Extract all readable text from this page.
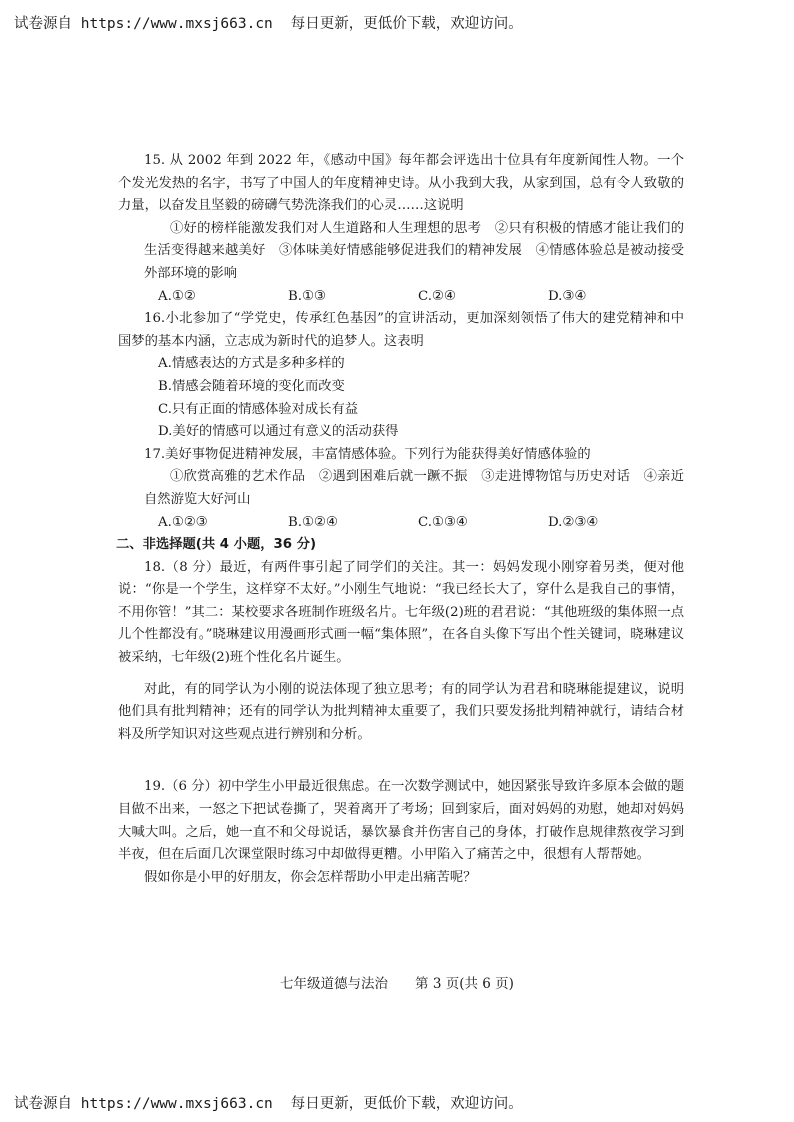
试卷源自 https://www.mxsj663.cn 每日更新，更低价下载，欢迎访问。

15. 从 2002 年到 2022 年，《感动中国》每年都会评选出十位具有年度新闻性人物。一个个发光发热的名字，书写了中国人的年度精神史诗。从小我到大我，从家到国，总有令人致敬的力量，以奋发且坚毅的磅礴气势洗涤我们的心灵……这说明

①好的榜样能激发我们对人生道路和人生理想的思考　②只有积极的情感才能让我们的生活变得越来越美好　③体味美好情感能够促进我们的精神发展　④情感体验总是被动接受外部环境的影响

A.①②	B.①③	C.②④	D.③④

16.小北参加了“学党史，传承红色基因”的宣讲活动，更加深刻领悟了伟大的建党精神和中国梦的基本内涵，立志成为新时代的追梦人。这表明

A.情感表达的方式是多种多样的
B.情感会随着环境的变化而改变
C.只有正面的情感体验对成长有益
D.美好的情感可以通过有意义的活动获得

17.美好事物促进精神发展，丰富情感体验。下列行为能获得美好情感体验的

①欣赏高雅的艺术作品　②遇到困难后就一蹶不振　③走进博物馆与历史对话　④亲近自然游览大好河山

A.①②③	B.①②④	C.①③④	D.②③④
二、非选择题(共 4 小题，36 分)

18.（8 分）最近，有两件事引起了同学们的关注。其一：妈妈发现小刚穿着另类，便对他说：“你是一个学生，这样穿不太好。”小刚生气地说：“我已经长大了，穿什么是我自己的事情，不用你管！”其二：某校要求各班制作班级名片。七年级(2)班的君君说：“其他班级的集体照一点儿个性都没有。”晓琳建议用漫画形式画一幅“集体照”，在各自头像下写出个性关键词，晓琳建议被采纳，七年级(2)班个性化名片诞生。

对此，有的同学认为小刚的说法体现了独立思考；有的同学认为君君和晓琳能提建议，说明他们具有批判精神；还有的同学认为批判精神太重要了，我们只要发扬批判精神就行，请结合材料及所学知识对这些观点进行辨别和分析。

19.（6 分）初中学生小甲最近很焦虑。在一次数学测试中，她因紧张导致许多原本会做的题目做不出来，一怒之下把试卷撕了，哭着离开了考场；回到家后，面对妈妈的劝慰，她却对妈妈大喊大叫。之后，她一直不和父母说话，暴饮暴食并伤害自己的身体，打破作息规律熬夜学习到半夜，但在后面几次课堂限时练习中却做得更糟。小甲陷入了痛苦之中，很想有人帮帮她。

假如你是小甲的好朋友，你会怎样帮助小甲走出痛苦呢？

七年级道德与法治　　第 3 页(共 6 页)
试卷源自 https://www.mxsj663.cn 每日更新，更低价下载，欢迎访问。
